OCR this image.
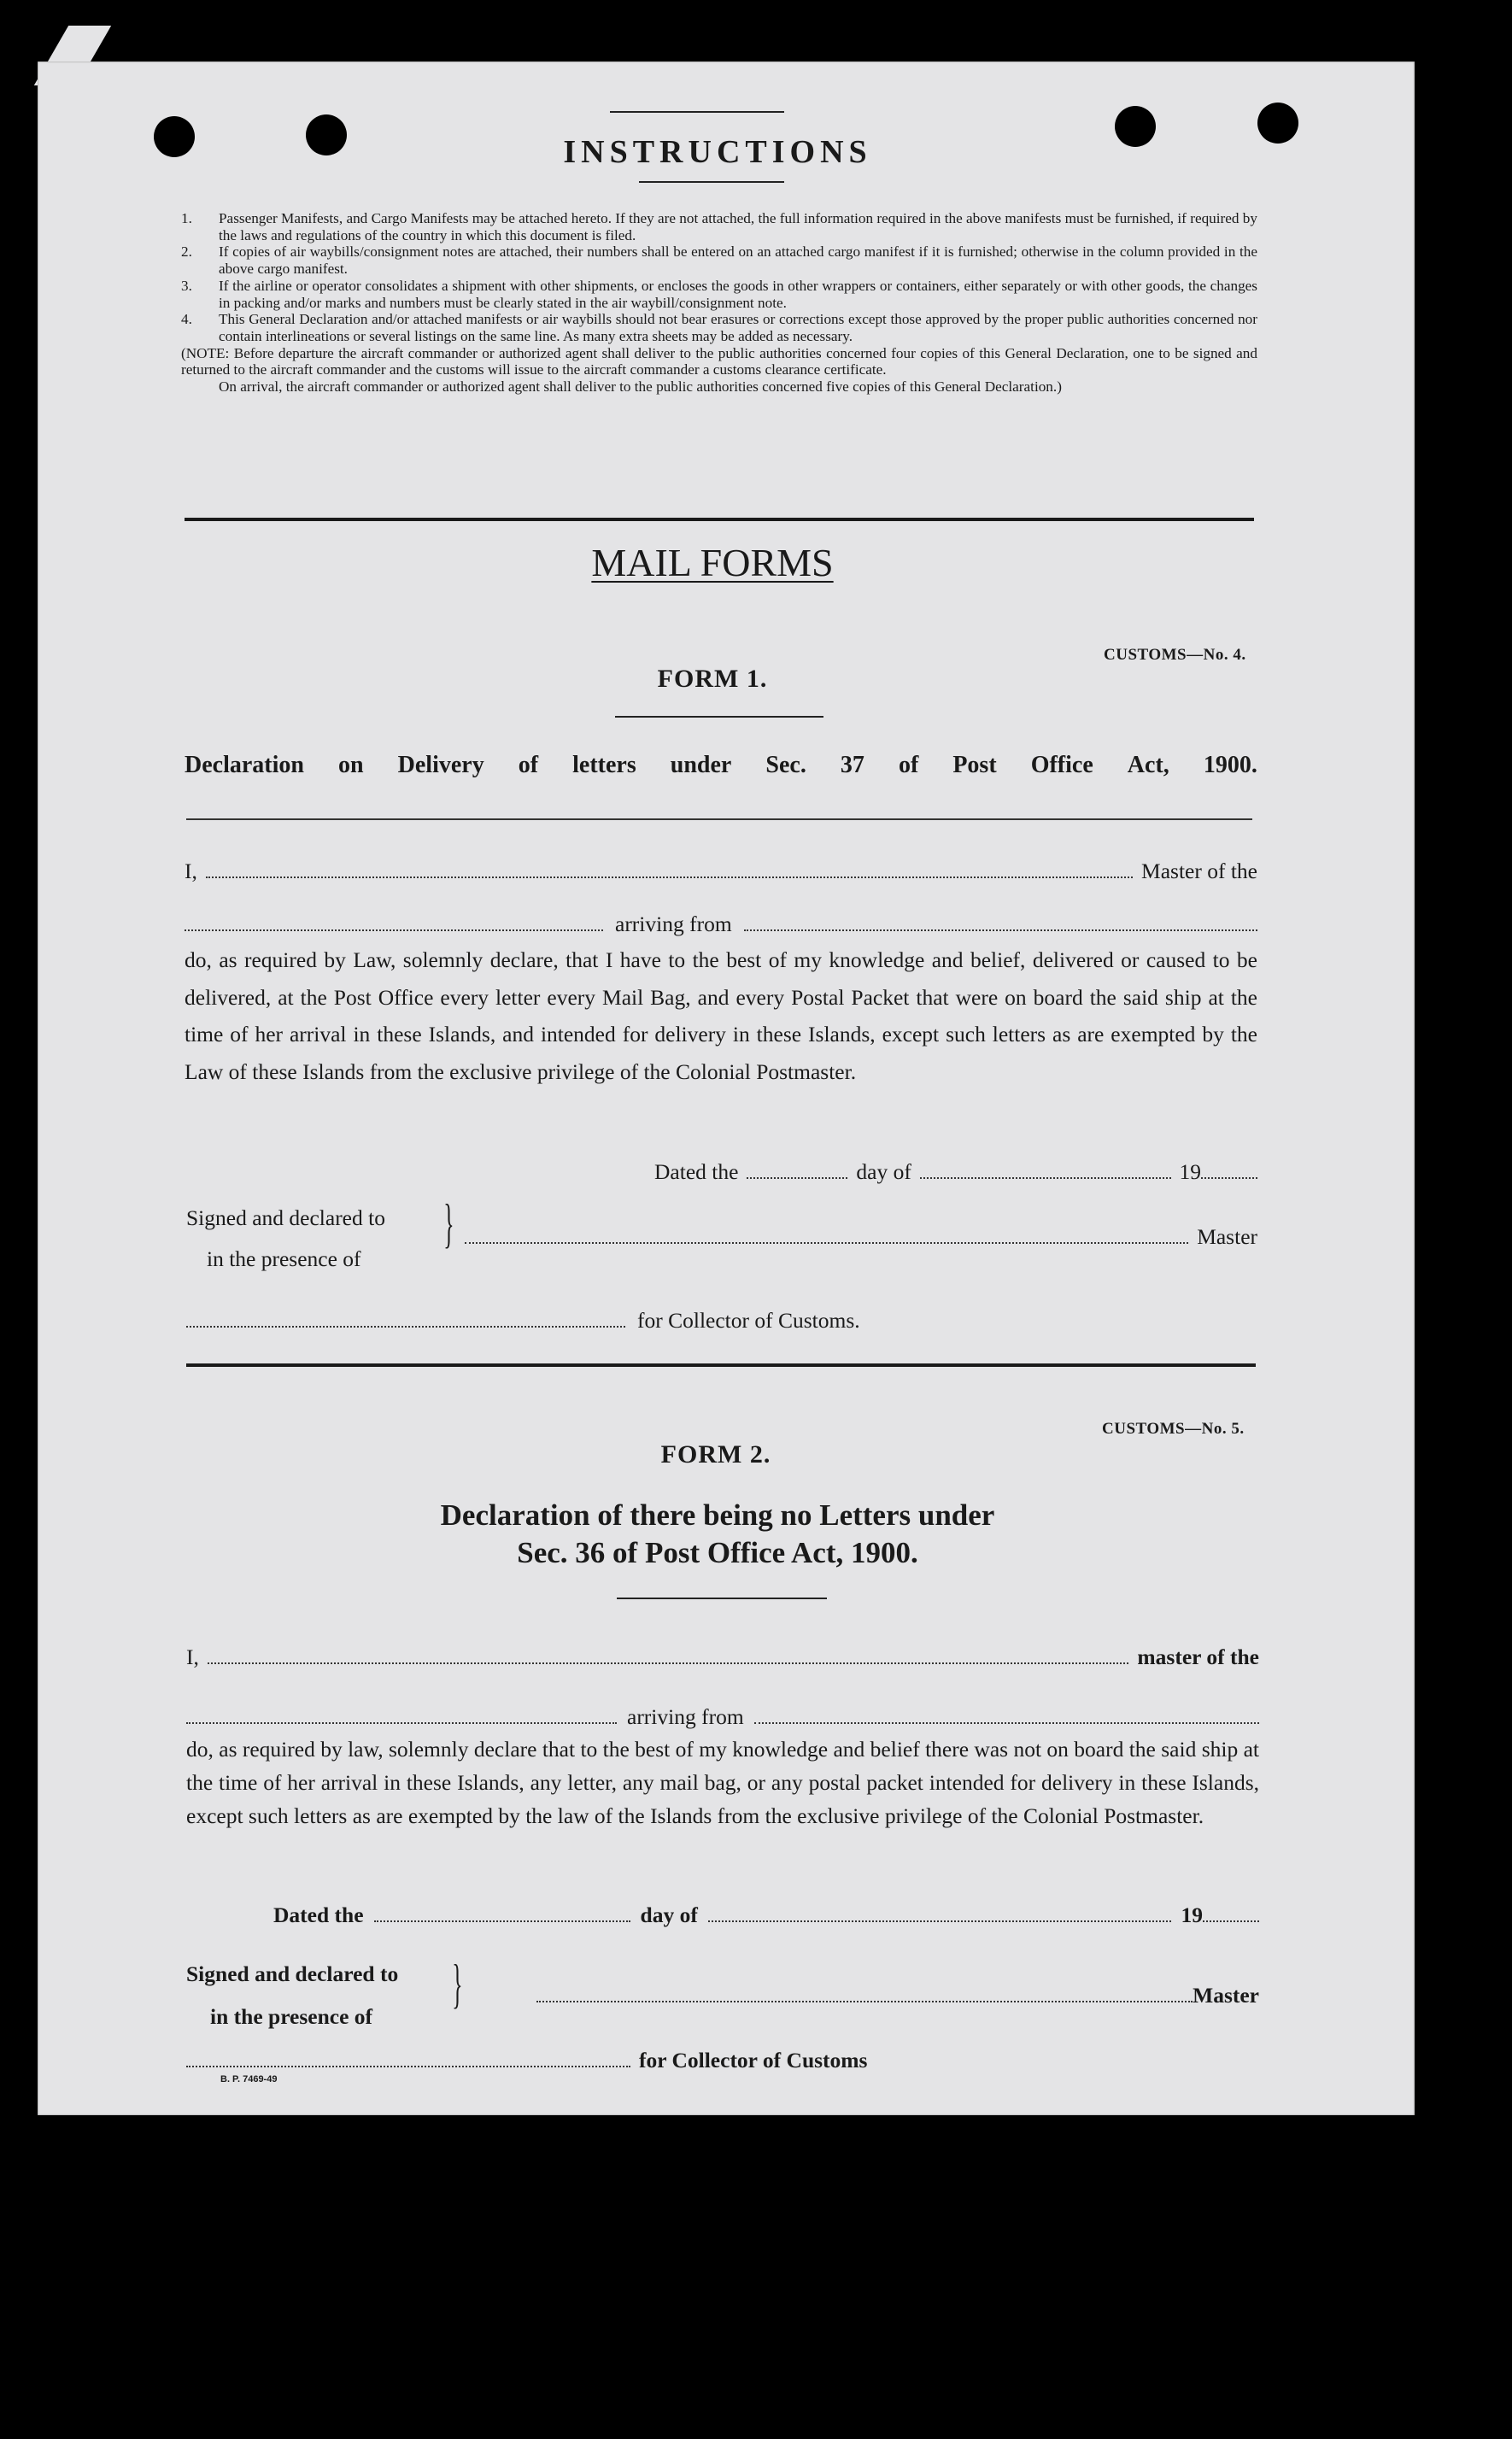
INSTRUCTIONS
1.	Passenger Manifests, and Cargo Manifests may be attached hereto. If they are not attached, the full information required in the above manifests must be furnished, if required by the laws and regulations of the country in which this document is filed.
2.	If copies of air waybills/consignment notes are attached, their numbers shall be entered on an attached cargo manifest if it is furnished; otherwise in the column provided in the above cargo manifest.
3.	If the airline or operator consolidates a shipment with other shipments, or encloses the goods in other wrappers or containers, either separately or with other goods, the changes in packing and/or marks and numbers must be clearly stated in the air waybill/consignment note.
4.	This General Declaration and/or attached manifests or air waybills should not bear erasures or corrections except those approved by the proper public authorities concerned nor contain interlineations or several listings on the same line. As many extra sheets may be added as necessary.
(NOTE: Before departure the aircraft commander or authorized agent shall deliver to the public authorities concerned four copies of this General Declaration, one to be signed and returned to the aircraft commander and the customs will issue to the aircraft commander a customs clearance certificate.
On arrival, the aircraft commander or authorized agent shall deliver to the public authorities concerned five copies of this General Declaration.)
MAIL FORMS
CUSTOMS—No. 4.
FORM 1.
Declaration on Delivery of letters under Sec. 37 of Post Office Act, 1900.
I,	Master of the
arriving from
do, as required by Law, solemnly declare, that I have to the best of my knowledge and belief, delivered or caused to be delivered, at the Post Office every letter every Mail Bag, and every Postal Packet that were on board the said ship at the time of her arrival in these Islands, and intended for delivery in these Islands, except such letters as are exempted by the Law of these Islands from the exclusive privilege of the Colonial Postmaster.
Dated the	day of	19
Signed and declared to
in the presence of
}	Master
for Collector of Customs.
CUSTOMS—No. 5.
FORM 2.
Declaration of there being no Letters under
Sec. 36 of Post Office Act, 1900.
I,	master of the
arriving from
do, as required by law, solemnly declare that to the best of my knowledge and belief there was not on board the said ship at the time of her arrival in these Islands, any letter, any mail bag, or any postal packet intended for delivery in these Islands, except such letters as are exempted by the law of the Islands from the exclusive privilege of the Colonial Postmaster.
Dated the	day of	19
Signed and declared to
in the presence of
}	Master
for Collector of Customs
B. P. 7469-49
